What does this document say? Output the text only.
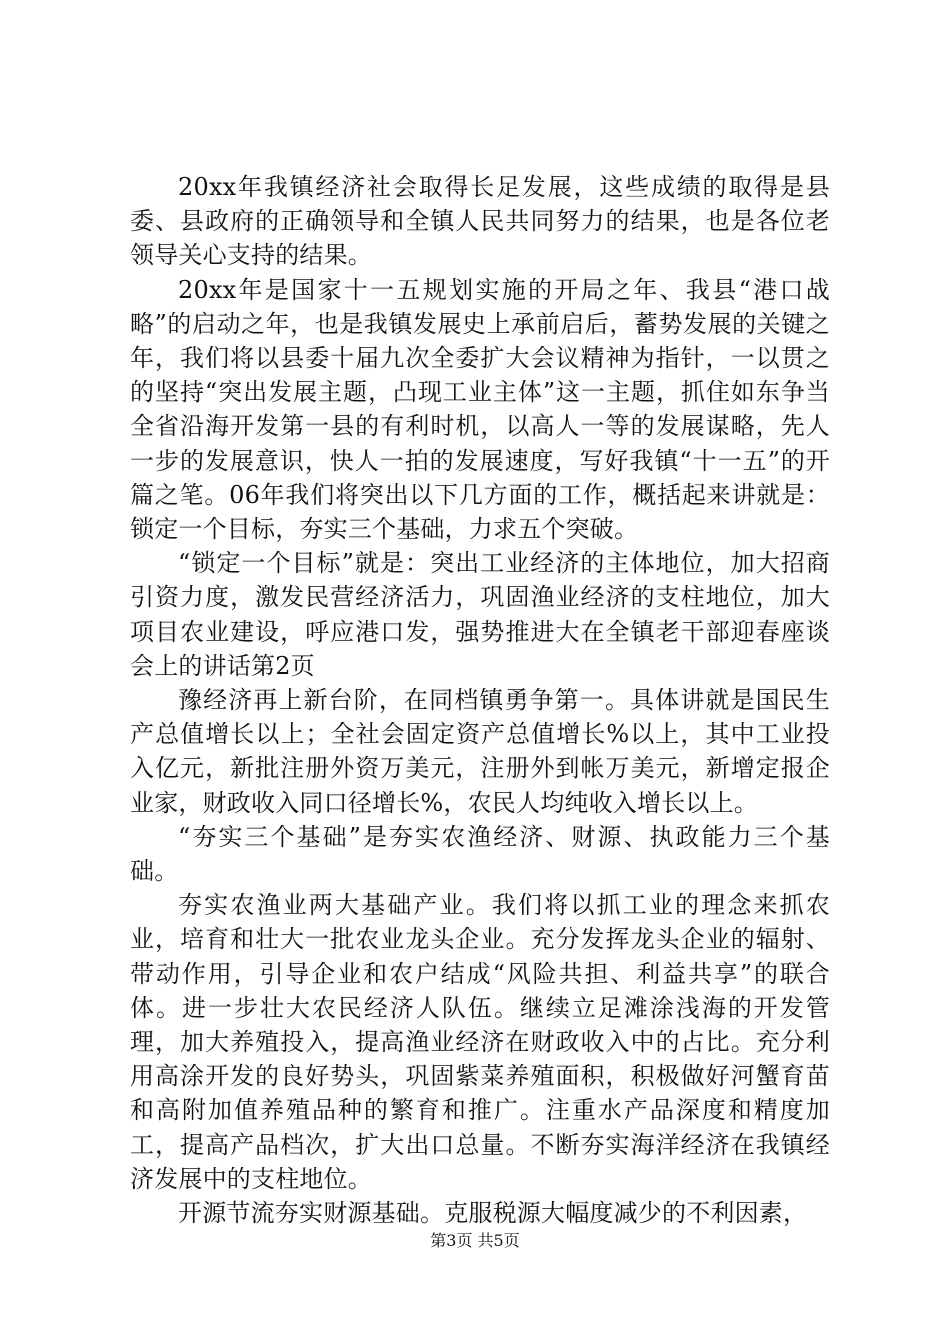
20xx年我镇经济社会取得长足发展，这些成绩的取得是县委、县政府的正确领导和全镇人民共同努力的结果，也是各位老领导关心支持的结果。

20xx年是国家十一五规划实施的开局之年、我县“港口战略”的启动之年，也是我镇发展史上承前启后，蓄势发展的关键之年，我们将以县委十届九次全委扩大会议精神为指针，一以贯之的坚持“突出发展主题，凸现工业主体”这一主题，抓住如东争当全省沿海开发第一县的有利时机，以高人一等的发展谋略，先人一步的发展意识，快人一拍的发展速度，写好我镇“十一五”的开篇之笔。06年我们将突出以下几方面的工作，概括起来讲就是：锁定一个目标，夯实三个基础，力求五个突破。

“锁定一个目标”就是：突出工业经济的主体地位，加大招商引资力度，激发民营经济活力，巩固渔业经济的支柱地位，加大项目农业建设，呼应港口发，强势推进大在全镇老干部迎春座谈会上的讲话第2页

豫经济再上新台阶，在同档镇勇争第一。具体讲就是国民生产总值增长以上；全社会固定资产总值增长%以上，其中工业投入亿元，新批注册外资万美元，注册外到帐万美元，新增定报企业家，财政收入同口径增长%，农民人均纯收入增长以上。

“夯实三个基础”是夯实农渔经济、财源、执政能力三个基础。

夯实农渔业两大基础产业。我们将以抓工业的理念来抓农业，培育和壮大一批农业龙头企业。充分发挥龙头企业的辐射、带动作用，引导企业和农户结成“风险共担、利益共享”的联合体。进一步壮大农民经济人队伍。继续立足滩涂浅海的开发管理，加大养殖投入，提高渔业经济在财政收入中的占比。充分利用高涂开发的良好势头，巩固紫菜养殖面积，积极做好河蟹育苗和高附加值养殖品种的繁育和推广。注重水产品深度和精度加工，提高产品档次，扩大出口总量。不断夯实海洋经济在我镇经济发展中的支柱地位。

开源节流夯实财源基础。克服税源大幅度减少的不利因素，

第3页 共5页
